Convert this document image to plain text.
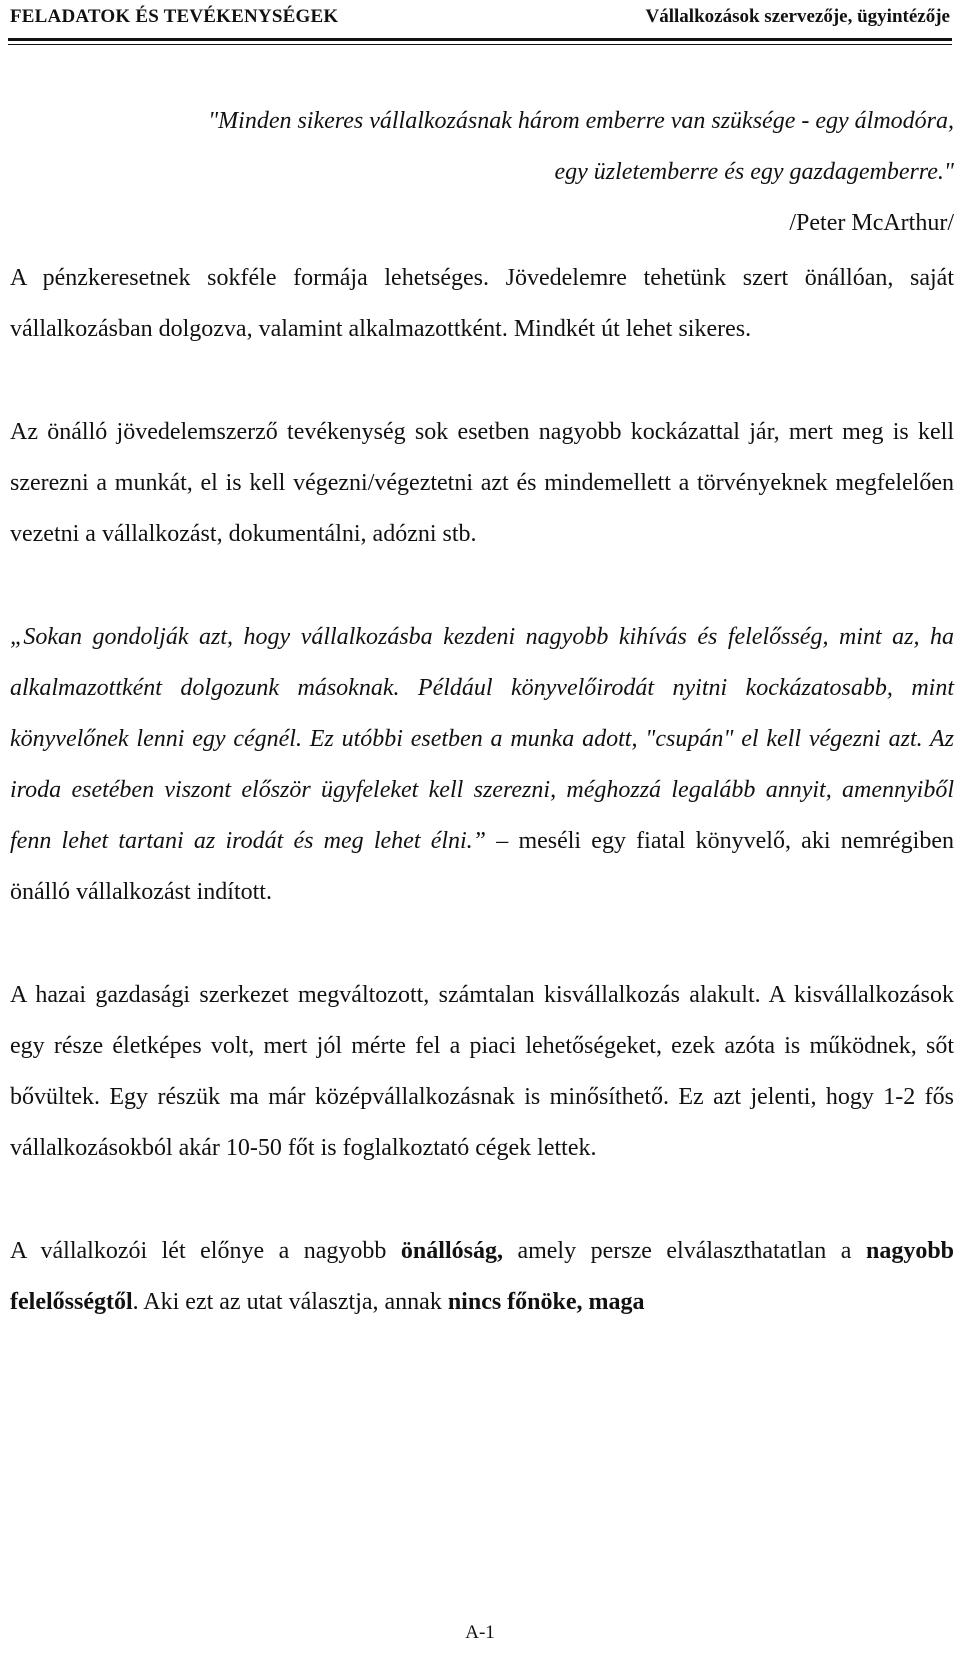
FELADATOK ÉS TEVÉKENYSÉGEK	Vállalkozások szervezője, ügyintézője
"Minden sikeres vállalkozásnak három emberre van szüksége - egy álmodóra,
egy üzletemberre és egy gazdagemberre."
/Peter McArthur/

A pénzkeresetnek sokféle formája lehetséges. Jövedelemre tehetünk szert önállóan, saját vállalkozásban dolgozva, valamint alkalmazottként. Mindkét út lehet sikeres.

Az önálló jövedelemszerző tevékenység sok esetben nagyobb kockázattal jár, mert meg is kell szerezni a munkát, el is kell végezni/végeztetni azt és mindemellett a törvényeknek megfelelően vezetni a vállalkozást, dokumentálni, adózni stb.

„Sokan gondolják azt, hogy vállalkozásba kezdeni nagyobb kihívás és felelősség, mint az, ha alkalmazottként dolgozunk másoknak. Például könyvelőirodát nyitni kockázatosabb, mint könyvelőnek lenni egy cégnél. Ez utóbbi esetben a munka adott, "csupán" el kell végezni azt. Az iroda esetében viszont először ügyfeleket kell szerezni, méghozzá legalább annyit, amennyiből fenn lehet tartani az irodát és meg lehet élni.” – meséli egy fiatal könyvelő, aki nemrégiben önálló vállalkozást indított.

A hazai gazdasági szerkezet megváltozott, számtalan kisvállalkozás alakult. A kisvállalkozások egy része életképes volt, mert jól mérte fel a piaci lehetőségeket, ezek azóta is működnek, sőt bővültek. Egy részük ma már középvállalkozásnak is minősíthető. Ez azt jelenti, hogy 1-2 fős vállalkozásokból akár 10-50 főt is foglalkoztató cégek lettek.

A vállalkozói lét előnye a nagyobb önállóság, amely persze elválaszthatatlan a nagyobb felelősségtől. Aki ezt az utat választja, annak nincs főnöke, maga

A-1
